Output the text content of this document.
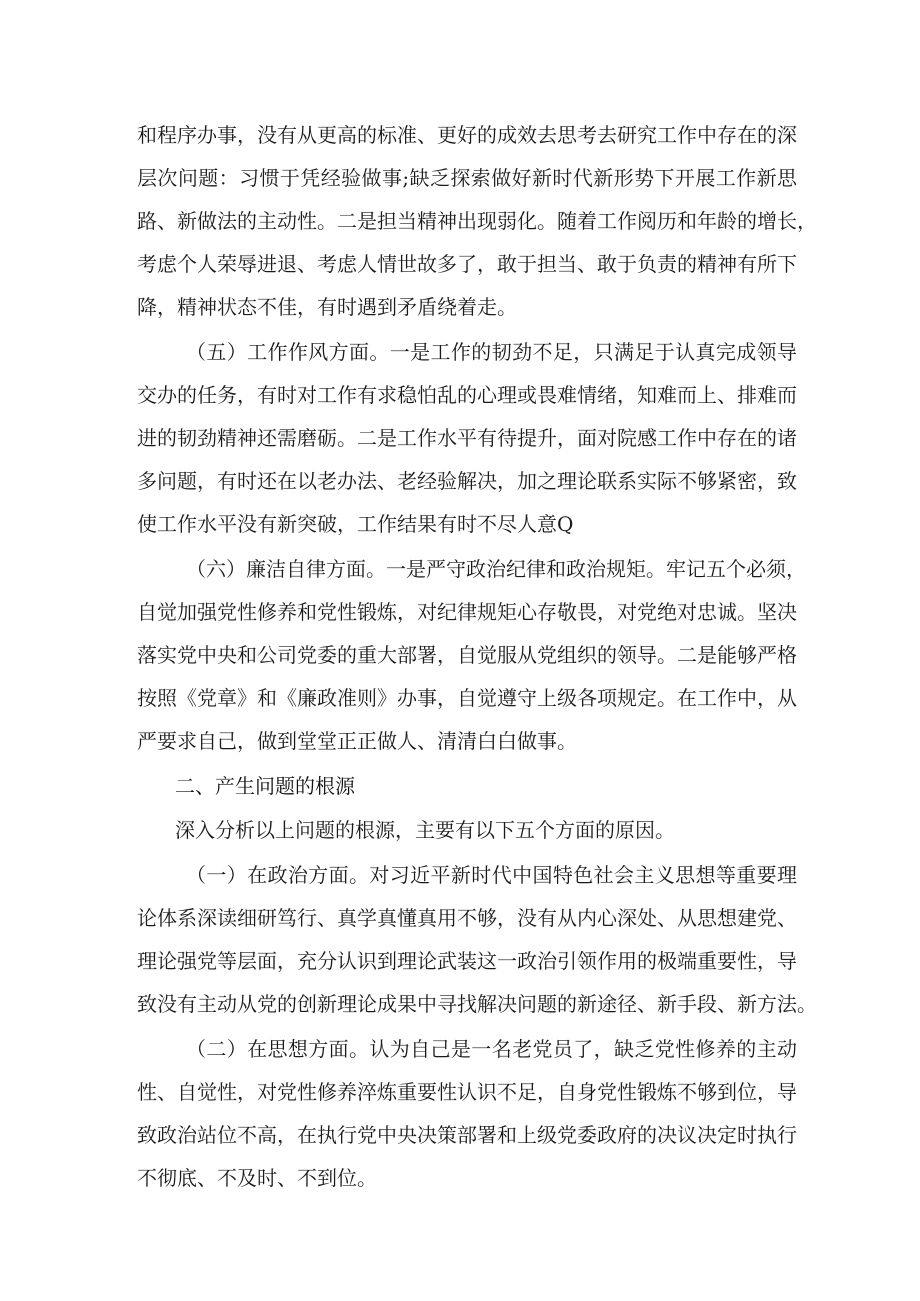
和程序办事，没有从更高的标准、更好的成效去思考去研究工作中存在的深
层次问题：习惯于凭经验做事;缺乏探索做好新时代新形势下开展工作新思
路、新做法的主动性。二是担当精神出现弱化。随着工作阅历和年龄的增长，
考虑个人荣辱进退、考虑人情世故多了，敢于担当、敢于负责的精神有所下
降，精神状态不佳，有时遇到矛盾绕着走。
（五）工作作风方面。一是工作的韧劲不足，只满足于认真完成领导
交办的任务，有时对工作有求稳怕乱的心理或畏难情绪，知难而上、排难而
进的韧劲精神还需磨砺。二是工作水平有待提升，面对院感工作中存在的诸
多问题，有时还在以老办法、老经验解决，加之理论联系实际不够紧密，致
使工作水平没有新突破，工作结果有时不尽人意Q
（六）廉洁自律方面。一是严守政治纪律和政治规矩。牢记五个必须，
自觉加强党性修养和党性锻炼，对纪律规矩心存敬畏，对党绝对忠诚。坚决
落实党中央和公司党委的重大部署，自觉服从党组织的领导。二是能够严格
按照《党章》和《廉政准则》办事，自觉遵守上级各项规定。在工作中，从
严要求自己，做到堂堂正正做人、清清白白做事。
二、产生问题的根源
深入分析以上问题的根源，主要有以下五个方面的原因。
（一）在政治方面。对习近平新时代中国特色社会主义思想等重要理
论体系深读细研笃行、真学真懂真用不够，没有从内心深处、从思想建党、
理论强党等层面，充分认识到理论武装这一政治引领作用的极端重要性，导
致没有主动从党的创新理论成果中寻找解决问题的新途径、新手段、新方法。
（二）在思想方面。认为自己是一名老党员了，缺乏党性修养的主动
性、自觉性，对党性修养淬炼重要性认识不足，自身党性锻炼不够到位，导
致政治站位不高，在执行党中央决策部署和上级党委政府的决议决定时执行
不彻底、不及时、不到位。
